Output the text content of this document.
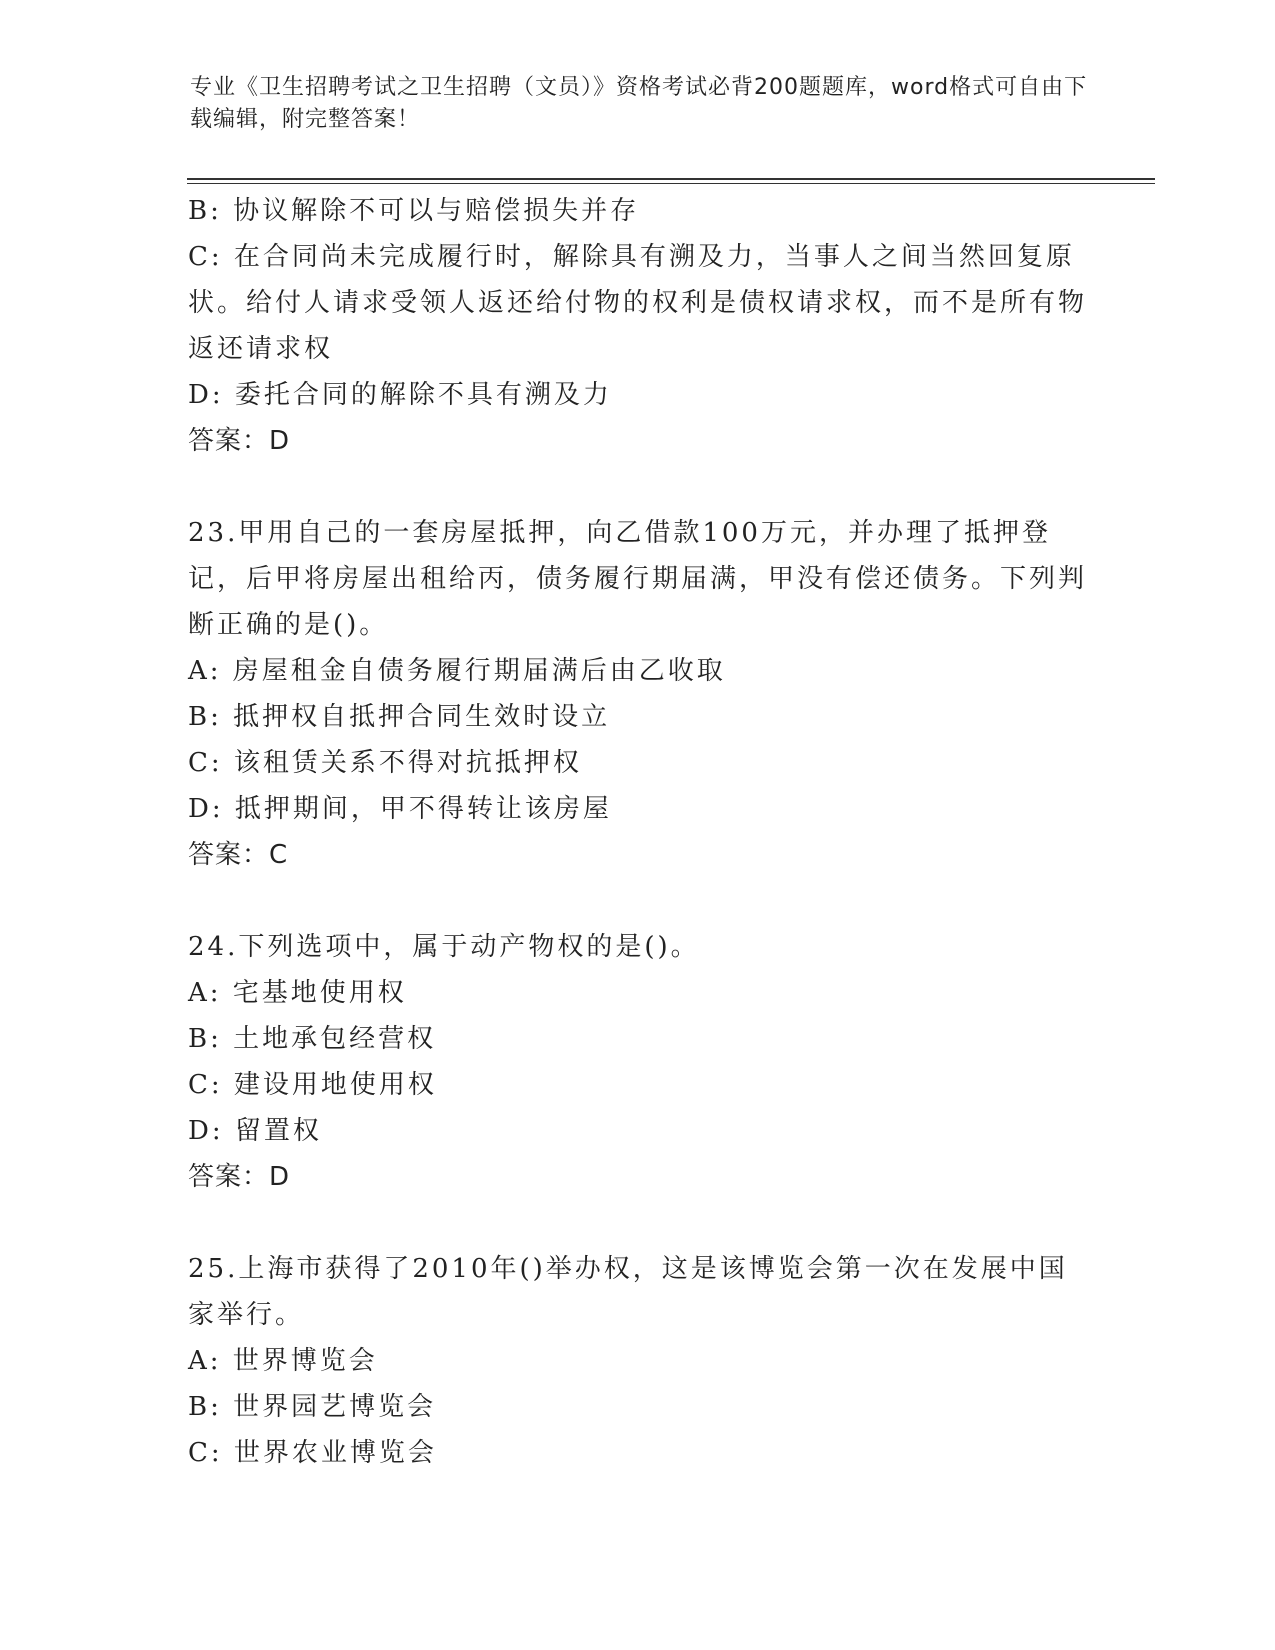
专业《卫生招聘考试之卫生招聘（文员）》资格考试必背200题题库，word格式可自由下载编辑，附完整答案！
B: 协议解除不可以与赔偿损失并存
C: 在合同尚未完成履行时，解除具有溯及力，当事人之间当然回复原状。给付人请求受领人返还给付物的权利是债权请求权，而不是所有物返还请求权
D: 委托合同的解除不具有溯及力
答案：D
23.甲用自己的一套房屋抵押，向乙借款100万元，并办理了抵押登记，后甲将房屋出租给丙，债务履行期届满，甲没有偿还债务。下列判断正确的是()。
A: 房屋租金自债务履行期届满后由乙收取
B: 抵押权自抵押合同生效时设立
C: 该租赁关系不得对抗抵押权
D: 抵押期间，甲不得转让该房屋
答案：C
24.下列选项中，属于动产物权的是()。
A: 宅基地使用权
B: 土地承包经营权
C: 建设用地使用权
D: 留置权
答案：D
25.上海市获得了2010年()举办权，这是该博览会第一次在发展中国家举行。
A: 世界博览会
B: 世界园艺博览会
C: 世界农业博览会
